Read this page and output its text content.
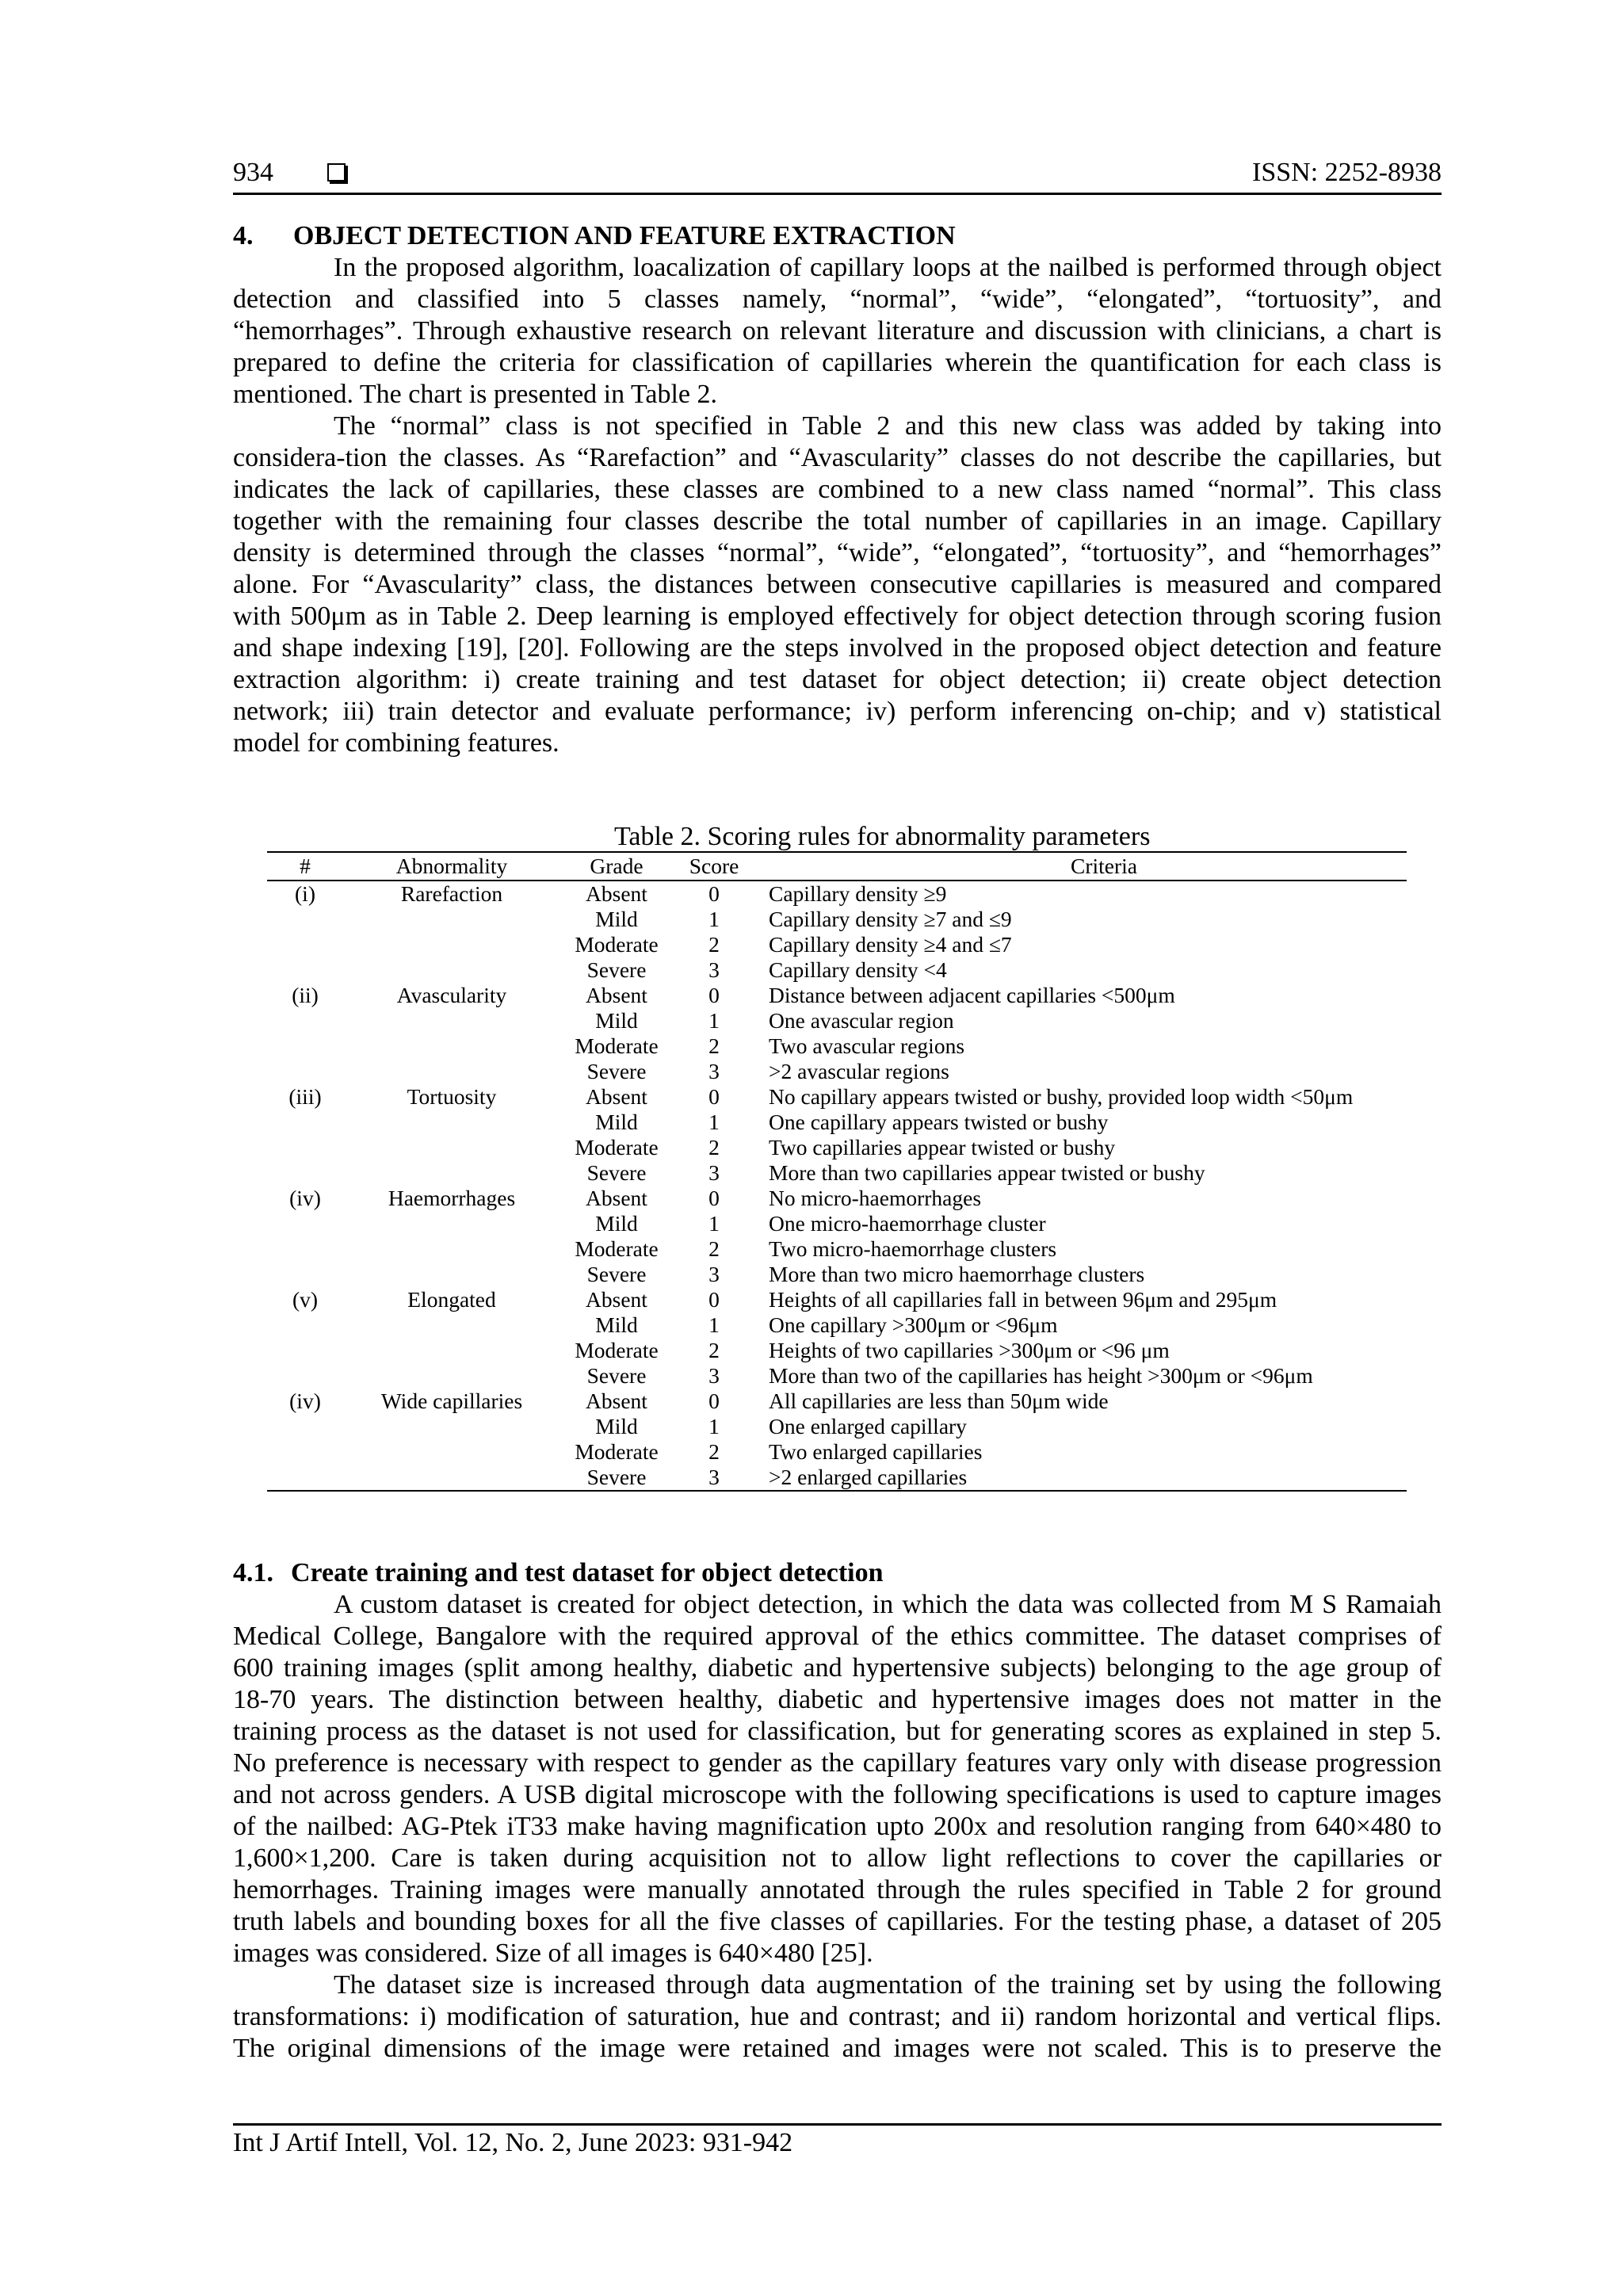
934	ISSN: 2252-8938
4. OBJECT DETECTION AND FEATURE EXTRACTION
In the proposed algorithm, loacalization of capillary loops at the nailbed is performed through object
detection and classified into 5 classes namely, “normal”, “wide”, “elongated”, “tortuosity”, and
“hemorrhages”. Through exhaustive research on relevant literature and discussion with clinicians, a chart is
prepared to define the criteria for classification of capillaries wherein the quantification for each class is
mentioned. The chart is presented in Table 2.
The “normal” class is not specified in Table 2 and this new class was added by taking into
considera-tion the classes. As “Rarefaction” and “Avascularity” classes do not describe the capillaries, but
indicates the lack of capillaries, these classes are combined to a new class named “normal”. This class
together with the remaining four classes describe the total number of capillaries in an image. Capillary
density is determined through the classes “normal”, “wide”, “elongated”, “tortuosity”, and “hemorrhages”
alone. For “Avascularity” class, the distances between consecutive capillaries is measured and compared
with 500μm as in Table 2. Deep learning is employed effectively for object detection through scoring fusion
and shape indexing [19], [20]. Following are the steps involved in the proposed object detection and feature
extraction algorithm: i) create training and test dataset for object detection; ii) create object detection
network; iii) train detector and evaluate performance; iv) perform inferencing on-chip; and v) statistical
model for combining features.
Table 2. Scoring rules for abnormality parameters
#	Abnormality	Grade	Score	Criteria
(i)	Rarefaction	Absent	0	Capillary density ≥9
		Mild	1	Capillary density ≥7 and ≤9
		Moderate	2	Capillary density ≥4 and ≤7
		Severe	3	Capillary density <4
(ii)	Avascularity	Absent	0	Distance between adjacent capillaries <500μm
		Mild	1	One avascular region
		Moderate	2	Two avascular regions
		Severe	3	>2 avascular regions
(iii)	Tortuosity	Absent	0	No capillary appears twisted or bushy, provided loop width <50μm
		Mild	1	One capillary appears twisted or bushy
		Moderate	2	Two capillaries appear twisted or bushy
		Severe	3	More than two capillaries appear twisted or bushy
(iv)	Haemorrhages	Absent	0	No micro-haemorrhages
		Mild	1	One micro-haemorrhage cluster
		Moderate	2	Two micro-haemorrhage clusters
		Severe	3	More than two micro haemorrhage clusters
(v)	Elongated	Absent	0	Heights of all capillaries fall in between 96μm and 295μm
		Mild	1	One capillary >300μm or <96μm
		Moderate	2	Heights of two capillaries >300μm or <96 μm
		Severe	3	More than two of the capillaries has height >300μm or <96μm
(iv)	Wide capillaries	Absent	0	All capillaries are less than 50μm wide
		Mild	1	One enlarged capillary
		Moderate	2	Two enlarged capillaries
		Severe	3	>2 enlarged capillaries
4.1. Create training and test dataset for object detection
A custom dataset is created for object detection, in which the data was collected from M S Ramaiah
Medical College, Bangalore with the required approval of the ethics committee. The dataset comprises of
600 training images (split among healthy, diabetic and hypertensive subjects) belonging to the age group of
18-70 years. The distinction between healthy, diabetic and hypertensive images does not matter in the
training process as the dataset is not used for classification, but for generating scores as explained in step 5.
No preference is necessary with respect to gender as the capillary features vary only with disease progression
and not across genders. A USB digital microscope with the following specifications is used to capture images
of the nailbed: AG-Ptek iT33 make having magnification upto 200x and resolution ranging from 640×480 to
1,600×1,200. Care is taken during acquisition not to allow light reflections to cover the capillaries or
hemorrhages. Training images were manually annotated through the rules specified in Table 2 for ground
truth labels and bounding boxes for all the five classes of capillaries. For the testing phase, a dataset of 205
images was considered. Size of all images is 640×480 [25].
The dataset size is increased through data augmentation of the training set by using the following
transformations: i) modification of saturation, hue and contrast; and ii) random horizontal and vertical flips.
The original dimensions of the image were retained and images were not scaled. This is to preserve the
Int J Artif Intell, Vol. 12, No. 2, June 2023: 931-942
